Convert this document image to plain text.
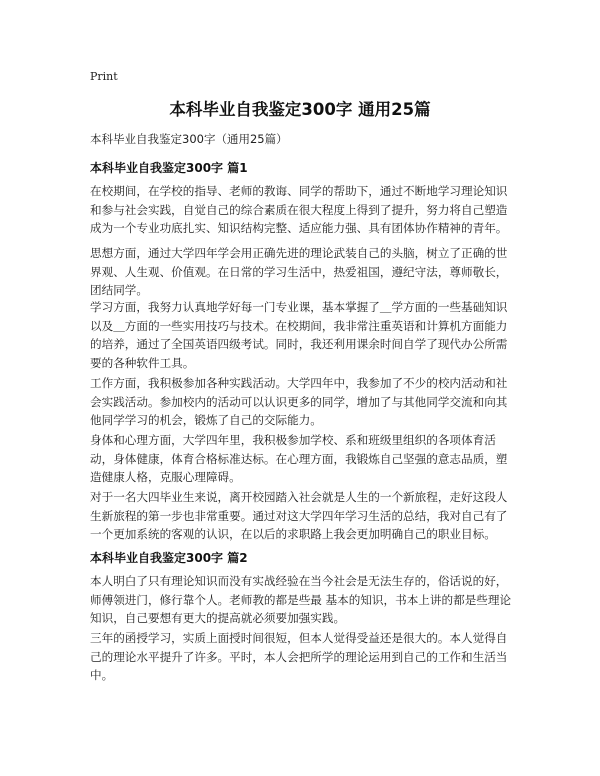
Print
本科毕业自我鉴定300字 通用25篇
本科毕业自我鉴定300字（通用25篇）
本科毕业自我鉴定300字 篇1

在校期间，在学校的指导、老师的教诲、同学的帮助下，通过不断地学习理论知识和参与社会实践，自觉自己的综合素质在很大程度上得到了提升，努力将自己塑造成为一个专业功底扎实、知识结构完整、适应能力强、具有团体协作精神的青年。

思想方面，通过大学四年学会用正确先进的理论武装自己的头脑，树立了正确的世界观、人生观、价值观。在日常的学习生活中，热爱祖国，遵纪守法，尊师敬长，团结同学。

学习方面，我努力认真地学好每一门专业课，基本掌握了＿学方面的一些基础知识以及＿方面的一些实用技巧与技术。在校期间，我非常注重英语和计算机方面能力的培养，通过了全国英语四级考试。同时，我还利用课余时间自学了现代办公所需要的各种软件工具。

工作方面，我积极参加各种实践活动。大学四年中，我参加了不少的校内活动和社会实践活动。参加校内的活动可以认识更多的同学，增加了与其他同学交流和向其他同学学习的机会，锻炼了自己的交际能力。

身体和心理方面，大学四年里，我积极参加学校、系和班级里组织的各项体育活动，身体健康，体育合格标准达标。在心理方面，我锻炼自己坚强的意志品质，塑造健康人格，克服心理障碍。

对于一名大四毕业生来说，离开校园踏入社会就是人生的一个新旅程，走好这段人生新旅程的第一步也非常重要。通过对这大学四年学习生活的总结，我对自己有了一个更加系统的客观的认识，在以后的求职路上我会更加明确自己的职业目标。

本科毕业自我鉴定300字 篇2

本人明白了只有理论知识而没有实战经验在当今社会是无法生存的，俗话说的好，师傅领进门，修行靠个人。老师教的都是些最 基本的知识，书本上讲的都是些理论知识，自己要想有更大的提高就必须要加强实践。

三年的函授学习，实质上面授时间很短，但本人觉得受益还是很大的。本人觉得自己的理论水平提升了许多。平时，本人会把所学的理论运用到自己的工作和生活当中。
